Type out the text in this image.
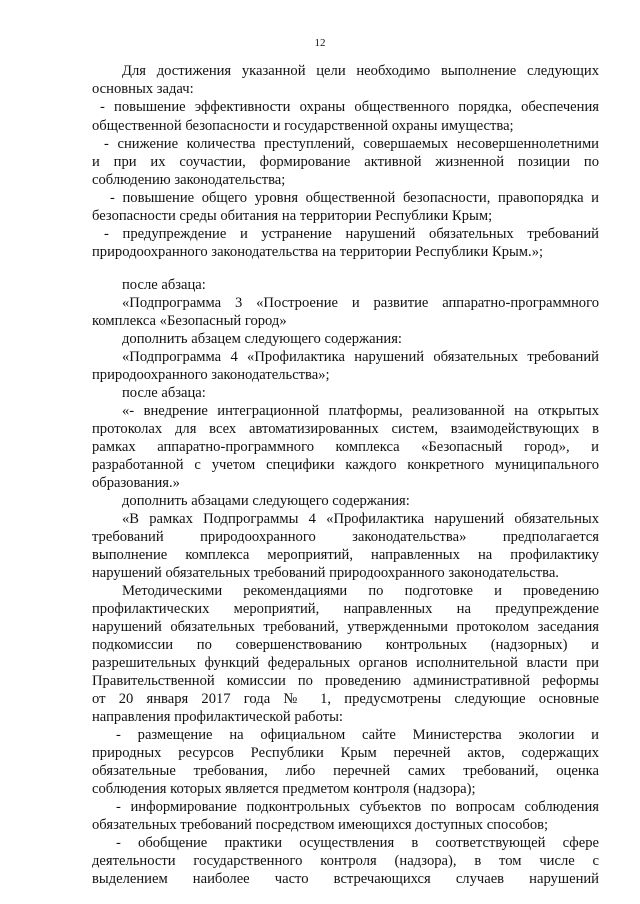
12
Для достижения указанной цели необходимо выполнение следующих
основных задач:
- повышение эффективности охраны общественного порядка, обеспечения
общественной безопасности и государственной охраны имущества;
- снижение количества преступлений, совершаемых несовершеннолетними
и при их соучастии, формирование активной жизненной позиции по
соблюдению законодательства;
- повышение общего уровня общественной безопасности, правопорядка и
безопасности среды обитания на территории Республики Крым;
- предупреждение и устранение нарушений обязательных требований
природоохранного законодательства на территории Республики Крым.»;
после абзаца:
«Подпрограмма 3 «Построение и развитие аппаратно-программного
комплекса «Безопасный город»
дополнить абзацем следующего содержания:
«Подпрограмма 4 «Профилактика нарушений обязательных требований
природоохранного законодательства»;
после абзаца:
«- внедрение интеграционной платформы, реализованной на открытых
протоколах для всех автоматизированных систем, взаимодействующих в
рамках аппаратно-программного комплекса «Безопасный город», и
разработанной с учетом специфики каждого конкретного муниципального
образования.»
дополнить абзацами следующего содержания:
«В рамках Подпрограммы 4 «Профилактика нарушений обязательных
требований природоохранного законодательства» предполагается
выполнение комплекса мероприятий, направленных на профилактику
нарушений обязательных требований природоохранного законодательства.
Методическими рекомендациями по подготовке и проведению
профилактических мероприятий, направленных на предупреждение
нарушений обязательных требований, утвержденными протоколом заседания
подкомиссии по совершенствованию контрольных (надзорных) и
разрешительных функций федеральных органов исполнительной власти при
Правительственной комиссии по проведению административной реформы
от 20 января 2017 года № 1, предусмотрены следующие основные
направления профилактической работы:
- размещение на официальном сайте Министерства экологии и
природных ресурсов Республики Крым перечней актов, содержащих
обязательные требования, либо перечней самих требований, оценка
соблюдения которых является предметом контроля (надзора);
- информирование подконтрольных субъектов по вопросам соблюдения
обязательных требований посредством имеющихся доступных способов;
- обобщение практики осуществления в соответствующей сфере
деятельности государственного контроля (надзора), в том числе с
выделением наиболее часто встречающихся случаев нарушений
